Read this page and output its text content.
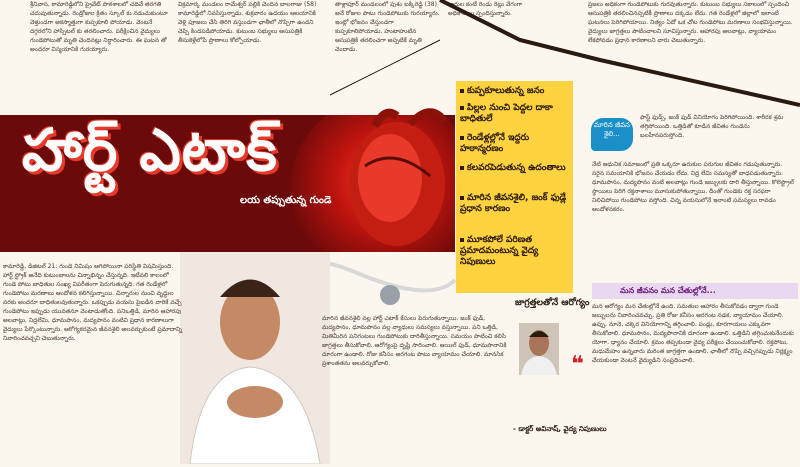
శ్రీనివాస, కామారెడ్డిలోని ప్రైవేట్ పాఠశాలలో చదివే తరగతి చదువుతున్నాడు. రెండ్రోజుల క్రితం స్కూల్ కు నడుచుకుంటూ వెళ్తుండగా అకస్మాత్తుగా కుప్పకూలి పోయాడు. వెంటనే దగ్గరలోని హాస్పిటల్ కు తరలించారు. పరీక్షించిన వైద్యులు గుండెపోటుతో మృతి చెందినట్లు నిర్ధారించారు. ఈ ఘటన తో అందరూ విస్మయానికి గురయ్యారు.

విక్రమార్క మండలం రామేశ్వర్ పల్లికి చెందిన బాలరాజు (58) కామారెడ్డిలో నివసిస్తున్నాడు. శుక్రవారం ఉదయం ఆలయానికి వెళ్లి పూజలు చేసి తిరిగి వస్తుండగా ఛాతీలో నొప్పిగా ఉందని చెప్పి కిందపడిపోయాడు. కుటుంబ సభ్యులు ఆసుపత్రికి తీసుకెళ్లేలోపే ప్రాణాలు కోల్పోయాడు.

తాళ్లాపూర్ మండలంలో పుశం బక్కిరెడ్డి (38) అనే రోజుల పాటు గుండెపోటుకు గురయ్యారు. ఇంట్లో భోజనం చేస్తుండగా కుప్పకూలిపోయాడు. హుటాహుటిన ఆసుపత్రికి తరలించగా అప్పటికే మృతి చెందాడు.

దారుల కంటే రెండు రెట్లు వేగంగా అధికారులు స్పందిస్తున్నారు.

ప్రజలు అధికంగా గుండెపోటుకు గురవుతున్నారు. కుటుంబ సభ్యులు సకాలంలో స్పందించి ఆసుపత్రికి తరలించినప్పటికీ ప్రాణాలు దక్కడం లేదు. గత రెండేళ్లలో జిల్లాలో ఇలాంటి ఘటనలు పెరిగిపోయాయి. నిత్యం ఏదో ఒక చోట గుండెపోటు మరణాలు సంభవిస్తున్నాయి. వైద్యులు జాగ్రత్తలు పాటించాలని సూచిస్తున్నారు. ఆహారపు అలవాట్లు, వ్యాయామం లేకపోవడం ప్రధాన కారణాలని వారు చెబుతున్నారు.

హార్ట్ ఎటాక్
లయ తప్పుతున్న గుండె

కామారెడ్డి, డిజిటల్ 21: గుండె నిమిషం ఆగిపోయినా పరిస్థితి విషమిస్తుంది. హార్ట్ స్ట్రోక్ అనేది కుటుంబాలను చిన్నాభిన్నం చేస్తున్నది. ఇటీవలి కాలంలో గుండె పోటు బాధితుల సంఖ్య విపరీతంగా పెరుగుతున్నది. గత రెండేళ్లలో గుండెపోటు మరణాలు ఆందోళన కలిగిస్తున్నాయి. చిన్నారుల నుంచి వృద్ధుల వరకు అందరూ బాధితులవుతున్నారు. ఒకప్పుడు వయసు పైబడిన వారికే వచ్చే గుండెపోటు ఇప్పుడు యువతనూ వెంటాడుతోంది. పనిఒత్తిడి, మారిన ఆహారపు అలవాట్లు, నిద్రలేమి, ధూమపానం, మద్యపానం వంటివి ప్రధాన కారణాలుగా వైద్యులు పేర్కొంటున్నారు. ఆరోగ్యకరమైన జీవనశైలి అలవర్చుకుంటే ప్రమాదాన్ని నివారించవచ్చని చెబుతున్నారు.

కుప్పకూలుతున్న జనం
పిల్లల నుంచి పెద్దల దాకా బాధితులే
రెండేళ్లల్లోనే ఇద్దరు హఠాన్మరణం
కలవరపెడుతున్న ఉదంతాలు
మారిన జీవనశైలి, జంక్ ఫుడ్లే ప్రధాన కారణం
మూకపోలే పరిణత ప్రమాదమంటున్న వైద్య నిపుణులు
మారిన జీవన శైలి...

ఫాస్ట్ ఫుడ్స్, జంక్ ఫుడ్ వినియోగం పెరిగిపోయింది. శారీరక శ్రమ తగ్గిపోయింది. ఒత్తిడితో కూడిన జీవితం గుండెను బలహీనపరుస్తోంది.

నేటి ఆధునిక సమాజంలో ప్రతి ఒక్కరూ ఉరుకుల పరుగుల జీవితం గడుపుతున్నారు. సరైన సమయానికి భోజనం చేయడం లేదు. నిద్ర లేమి సమస్యతో బాధపడుతున్నారు. ధూమపానం, మద్యపానం వంటి అలవాట్లు గుండె జబ్బులకు దారి తీస్తున్నాయి. కొలెస్ట్రాల్ స్థాయిలు పెరిగి రక్తనాళాలు మూసుకుపోతున్నాయి. దీంతో గుండెకు రక్త సరఫరా నిలిచిపోయి గుండెపోటు వస్తోంది. చిన్న వయసులోనే ఇలాంటి సమస్యలు రావడం ఆందోళనకరం.

మన జీవనం మన చేతుల్లోనే...

మన ఆరోగ్యం మన చేతుల్లోనే ఉంది. సమతుల ఆహారం తీసుకోవడం ద్వారా గుండె జబ్బులను నివారించవచ్చు. ప్రతి రోజు కనీసం అరగంట నడక, వ్యాయామం చేయాలి. ఉప్పు, నూనె, చక్కెర వినియోగాన్ని తగ్గించాలి. పండ్లు, కూరగాయలు ఎక్కువగా తీసుకోవాలి. ధూమపానం, మద్యపానానికి దూరంగా ఉండాలి. ఒత్తిడిని తగ్గించుకునేందుకు యోగా, ధ్యానం చేయాలి. క్రమం తప్పకుండా వైద్య పరీక్షలు చేయించుకోవాలి. రక్తపోటు, మధుమేహం ఉన్నవారు మరింత జాగ్రత్తగా ఉండాలి. ఛాతీలో నొప్పి వచ్చినప్పుడు నిర్లక్ష్యం చేయకుండా వెంటనే వైద్యుడిని సంప్రదించాలి.

జాగ్రత్తలతోనే ఆరోగ్యం

మారిన జీవనశైలి వల్ల హార్ట్ ఎటాక్ కేసులు పెరుగుతున్నాయి. జంక్ ఫుడ్, మద్యపానం, ధూమపానం వల్ల వ్యాధులు సమస్యలు వస్తున్నాయి. పని ఒత్తిడి, మితిమీరిన పనిగంటలు గుండెపోటుకు దారితీస్తున్నాయి. సమయం పాటించి కలిసి జాగ్రత్తలు తీసుకోవాలి. ఆరోగ్యంపై దృష్టి సారించాలి. ఆయిల్ ఫుడ్, ధూమపానానికి దూరంగా ఉండాలి. రోజు కనీసం అరగంట పాటు వ్యాయామం చేయాలి. మానసిక ప్రశాంతతను అలవర్చుకోవాలి.	❝
- డాక్టర్ అవినాష్, వైద్య నిపుణులు
